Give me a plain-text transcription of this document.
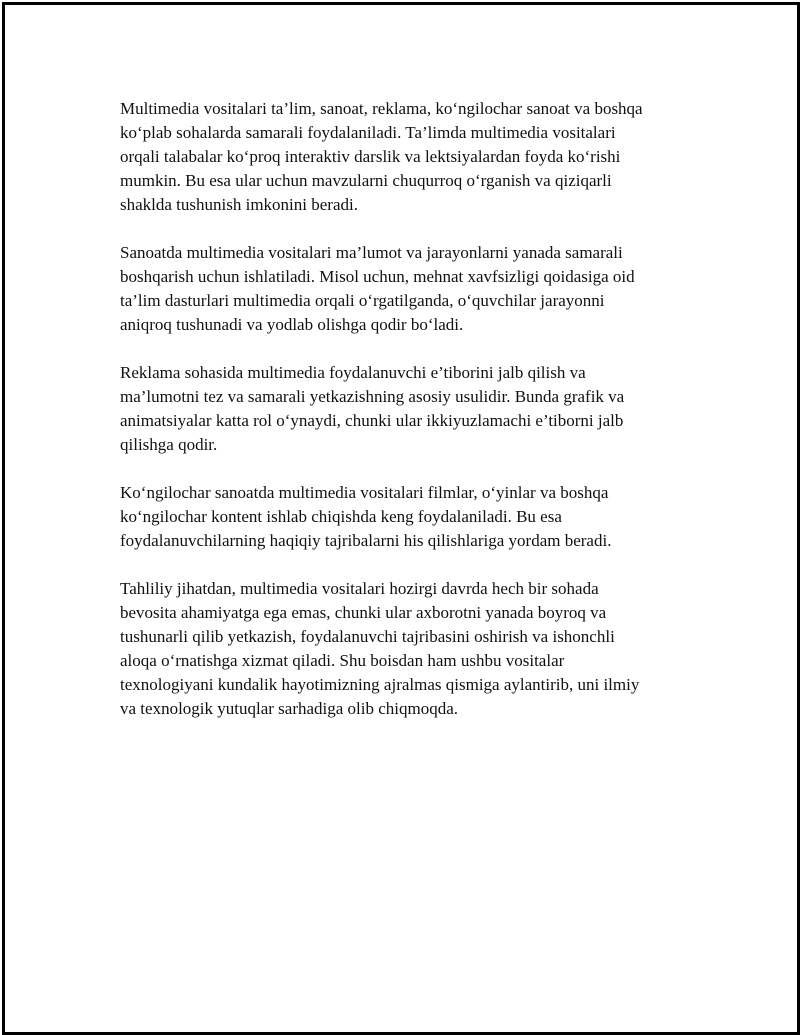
Multimedia vositalari ta’lim, sanoat, reklama, ko‘ngilochar sanoat va boshqa
ko‘plab sohalarda samarali foydalaniladi. Ta’limda multimedia vositalari
orqali talabalar ko‘proq interaktiv darslik va lektsiyalardan foyda ko‘rishi
mumkin. Bu esa ular uchun mavzularni chuqurroq o‘rganish va qiziqarli
shaklda tushunish imkonini beradi.

Sanoatda multimedia vositalari ma’lumot va jarayonlarni yanada samarali
boshqarish uchun ishlatiladi. Misol uchun, mehnat xavfsizligi qoidasiga oid
ta’lim dasturlari multimedia orqali o‘rgatilganda, o‘quvchilar jarayonni
aniqroq tushunadi va yodlab olishga qodir bo‘ladi.

Reklama sohasida multimedia foydalanuvchi e’tiborini jalb qilish va
ma’lumotni tez va samarali yetkazishning asosiy usulidir. Bunda grafik va
animatsiyalar katta rol o‘ynaydi, chunki ular ikkiyuzlamachi e’tiborni jalb
qilishga qodir.

Ko‘ngilochar sanoatda multimedia vositalari filmlar, o‘yinlar va boshqa
ko‘ngilochar kontent ishlab chiqishda keng foydalaniladi. Bu esa
foydalanuvchilarning haqiqiy tajribalarni his qilishlariga yordam beradi.

Tahliliy jihatdan, multimedia vositalari hozirgi davrda hech bir sohada
bevosita ahamiyatga ega emas, chunki ular axborotni yanada boyroq va
tushunarli qilib yetkazish, foydalanuvchi tajribasini oshirish va ishonchli
aloqa o‘rnatishga xizmat qiladi. Shu boisdan ham ushbu vositalar
texnologiyani kundalik hayotimizning ajralmas qismiga aylantirib, uni ilmiy
va texnologik yutuqlar sarhadiga olib chiqmoqda.
